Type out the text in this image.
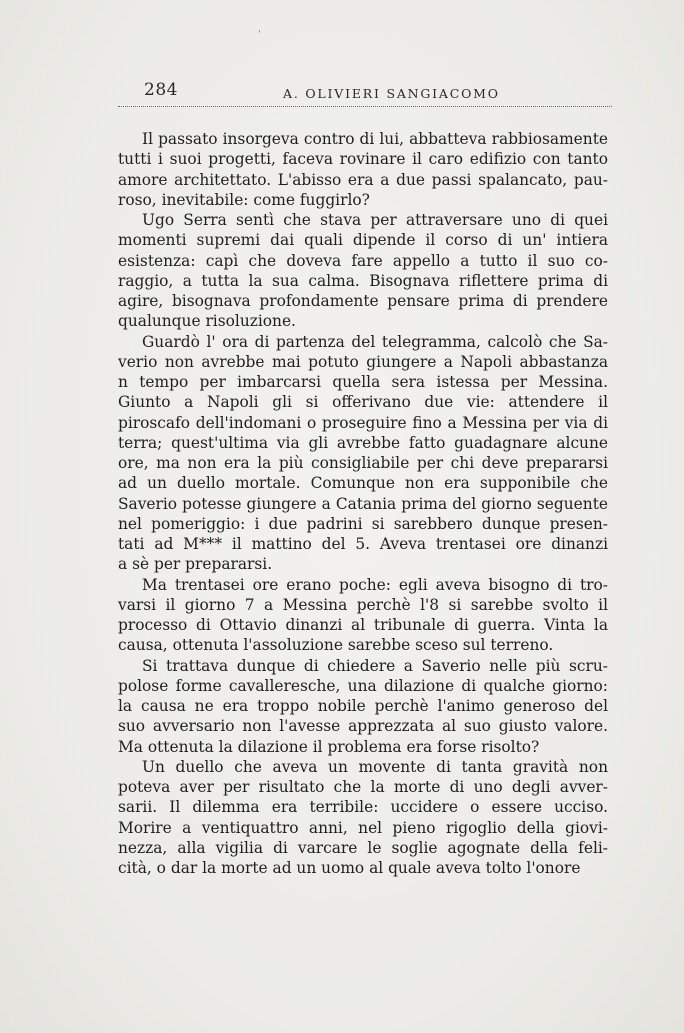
ˈ
284	A. OLIVIERI SANGIACOMO
Il passato insorgeva contro di lui, abbatteva rabbiosamente
tutti i suoi progetti, faceva rovinare il caro edifizio con tanto
amore architettato. L'abisso era a due passi spalancato, pau-
roso, inevitabile: come fuggirlo?
Ugo Serra sentì che stava per attraversare uno di quei
momenti supremi dai quali dipende il corso di un' intiera
esistenza: capì che doveva fare appello a tutto il suo co-
raggio, a tutta la sua calma. Bisognava riflettere prima di
agire, bisognava profondamente pensare prima di prendere
qualunque risoluzione.
Guardò l' ora di partenza del telegramma, calcolò che Sa-
verio non avrebbe mai potuto giungere a Napoli abbastanza
n tempo per imbarcarsi quella sera istessa per Messina.
Giunto a Napoli gli si offerivano due vie: attendere il
piroscafo dell'indomani o proseguire fino a Messina per via di
terra; quest'ultima via gli avrebbe fatto guadagnare alcune
ore, ma non era la più consigliabile per chi deve prepararsi
ad un duello mortale. Comunque non era supponibile che
Saverio potesse giungere a Catania prima del giorno seguente
nel pomeriggio: i due padrini si sarebbero dunque presen-
tati ad M*** il mattino del 5. Aveva trentasei ore dinanzi
a sè per prepararsi.
Ma trentasei ore erano poche: egli aveva bisogno di tro-
varsi il giorno 7 a Messina perchè l'8 si sarebbe svolto il
processo di Ottavio dinanzi al tribunale di guerra. Vinta la
causa, ottenuta l'assoluzione sarebbe sceso sul terreno.
Si trattava dunque di chiedere a Saverio nelle più scru-
polose forme cavalleresche, una dilazione di qualche giorno:
la causa ne era troppo nobile perchè l'animo generoso del
suo avversario non l'avesse apprezzata al suo giusto valore.
Ma ottenuta la dilazione il problema era forse risolto?
Un duello che aveva un movente di tanta gravità non
poteva aver per risultato che la morte di uno degli avver-
sarii. Il dilemma era terribile: uccidere o essere ucciso.
Morire a ventiquattro anni, nel pieno rigoglio della giovi-
nezza, alla vigilia di varcare le soglie agognate della feli-
cità, o dar la morte ad un uomo al quale aveva tolto l'onore
